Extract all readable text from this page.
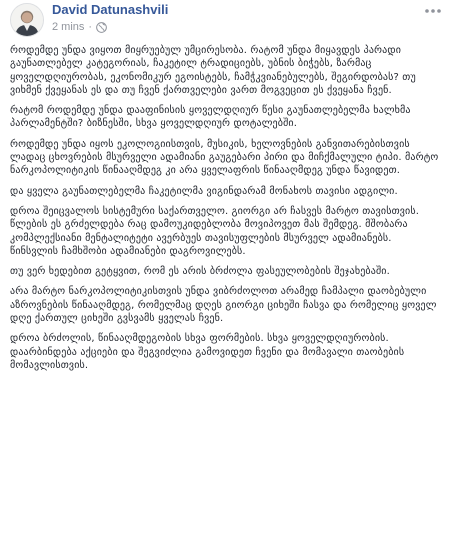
David Datunashvili
2 mins ·

როდემდე უნდა ვიყოთ მიყრუებულ უმცირესობა. რატომ უნდა მიყავდეს პარადი გაუნათლებელ კატეგორიას, ჩაკეტილ ტრადიციებს, უბნის ბიჭებს, ზარმაც ყოველდღიურობას, ეკონომიკურ ეგოისტებს, ჩამჭკვიანებულებს, შეგირდობას? თუ ვიხმენ ქვეყანას ეს და თუ ჩვენ ქართველები ვართ მოგვეცით ეს ქვეყანა ჩვენ.

რატომ როდემდე უნდა დააფინისის ყოველდღიურ წესი გაუნათლებელმა ხალხმა პარლამენტში? ბიზნესში, სხვა ყოველდღიურ დოტალებში.

როდემდე უნდა იყოს ეკოლოგიისთვის, მუსიკის, ხელოვნების განვითარებისთვის ლადაც ცხოვრების მსურველი ადამიანი გაუგებარი პირი და მიჩქმალული ტიპი. მარტო ნარკოპოლიტიკის წინააღმდეგ კი არა ყველაფრის წინააღმდეგ უნდა წავიდეთ.

და ყველა გაუნათლებელმა ჩაკეტილმა ვიგინდარამ მონახოს თავისი ადგილი.

დროა შეიცვალოს სისტემური საქართველო. გიორგი არ ჩასვეს მარტო თავისთვის. წლების ეს გრძელდება რაც დამოუკიდებლობა მოვიპოვეთ მას შემდეგ. მშობარა კომპლექსიანი მენტალიტეტი ავერბუეს თავისუფლების მსურველ ადამიანებს. წინსვლის ჩამხშობი ადამიანები დაგროვილებს.

თუ ვერ ხედებით გეტყვით, რომ ეს არის ბრძოლა ფასეულობების შეჯახებაში.

არა მარტო ნარკოპოლიტიკისთვის უნდა ვიბრძოლოთ არამედ ჩამპალი დაობებული აზროვნების წინააღმდეგ, რომელმაც დღეს გიორგი ციხეში ჩასვა და რომელიც ყოველ დღე ქართულ ციხეში გვსვამს ყველას ჩვენ.

დროა ბრძოლის, წინააღმდეგობის სხვა ფორმების. სხვა ყოველდღიურობის. დაარბინდება აქციები და შეგვიძლია გამოვიდეთ ჩვენი და მომავალი თაობების მომავლისთვის.
